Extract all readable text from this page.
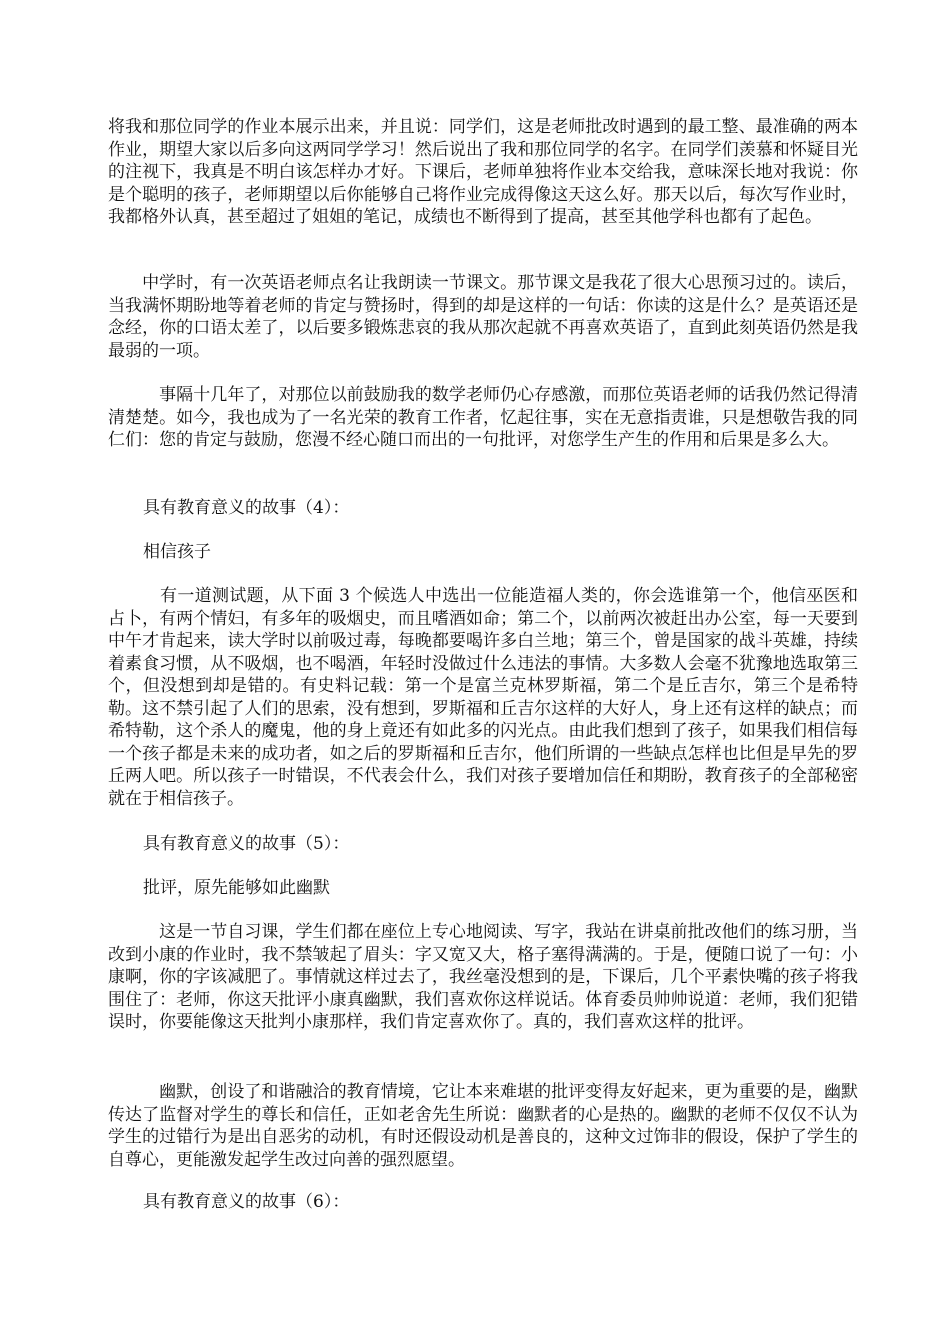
将我和那位同学的作业本展示出来，并且说：同学们，这是老师批改时遇到的最工整、最准确的两本作业，期望大家以后多向这两同学学习！然后说出了我和那位同学的名字。在同学们羡慕和怀疑目光的注视下，我真是不明白该怎样办才好。下课后，老师单独将作业本交给我，意味深长地对我说：你是个聪明的孩子，老师期望以后你能够自己将作业完成得像这天这么好。那天以后，每次写作业时，我都格外认真，甚至超过了姐姐的笔记，成绩也不断得到了提高，甚至其他学科也都有了起色。

　　中学时，有一次英语老师点名让我朗读一节课文。那节课文是我花了很大心思预习过的。读后，当我满怀期盼地等着老师的肯定与赞扬时，得到的却是这样的一句话：你读的这是什么？是英语还是念经，你的口语太差了，以后要多锻炼悲哀的我从那次起就不再喜欢英语了，直到此刻英语仍然是我最弱的一项。

　　　事隔十几年了，对那位以前鼓励我的数学老师仍心存感激，而那位英语老师的话我仍然记得清清楚楚。如今，我也成为了一名光荣的教育工作者，忆起往事，实在无意指责谁，只是想敬告我的同仁们：您的肯定与鼓励，您漫不经心随口而出的一句批评，对您学生产生的作用和后果是多么大。

具有教育意义的故事（4）：

相信孩子

　　　有一道测试题，从下面 3 个候选人中选出一位能造福人类的，你会选谁第一个，他信巫医和占卜，有两个情妇，有多年的吸烟史，而且嗜酒如命；第二个，以前两次被赶出办公室，每一天要到中午才肯起来，读大学时以前吸过毒，每晚都要喝许多白兰地；第三个，曾是国家的战斗英雄，持续着素食习惯，从不吸烟，也不喝酒，年轻时没做过什么违法的事情。大多数人会毫不犹豫地选取第三个，但没想到却是错的。有史料记载：第一个是富兰克林罗斯福，第二个是丘吉尔，第三个是希特勒。这不禁引起了人们的思索，没有想到，罗斯福和丘吉尔这样的大好人，身上还有这样的缺点；而希特勒，这个杀人的魔鬼，他的身上竟还有如此多的闪光点。由此我们想到了孩子，如果我们相信每一个孩子都是未来的成功者，如之后的罗斯福和丘吉尔，他们所谓的一些缺点怎样也比但是早先的罗丘两人吧。所以孩子一时错误，不代表会什么，我们对孩子要增加信任和期盼，教育孩子的全部秘密就在于相信孩子。

具有教育意义的故事（5）：

批评，原先能够如此幽默

　　　这是一节自习课，学生们都在座位上专心地阅读、写字，我站在讲桌前批改他们的练习册，当改到小康的作业时，我不禁皱起了眉头：字又宽又大，格子塞得满满的。于是，便随口说了一句：小康啊，你的字该减肥了。事情就这样过去了，我丝毫没想到的是，下课后，几个平素快嘴的孩子将我围住了：老师，你这天批评小康真幽默，我们喜欢你这样说话。体育委员帅帅说道：老师，我们犯错误时，你要能像这天批判小康那样，我们肯定喜欢你了。真的，我们喜欢这样的批评。

　　　幽默，创设了和谐融洽的教育情境，它让本来难堪的批评变得友好起来，更为重要的是，幽默传达了监督对学生的尊长和信任，正如老舍先生所说：幽默者的心是热的。幽默的老师不仅仅不认为学生的过错行为是出自恶劣的动机，有时还假设动机是善良的，这种文过饰非的假设，保护了学生的自尊心，更能激发起学生改过向善的强烈愿望。

具有教育意义的故事（6）：
